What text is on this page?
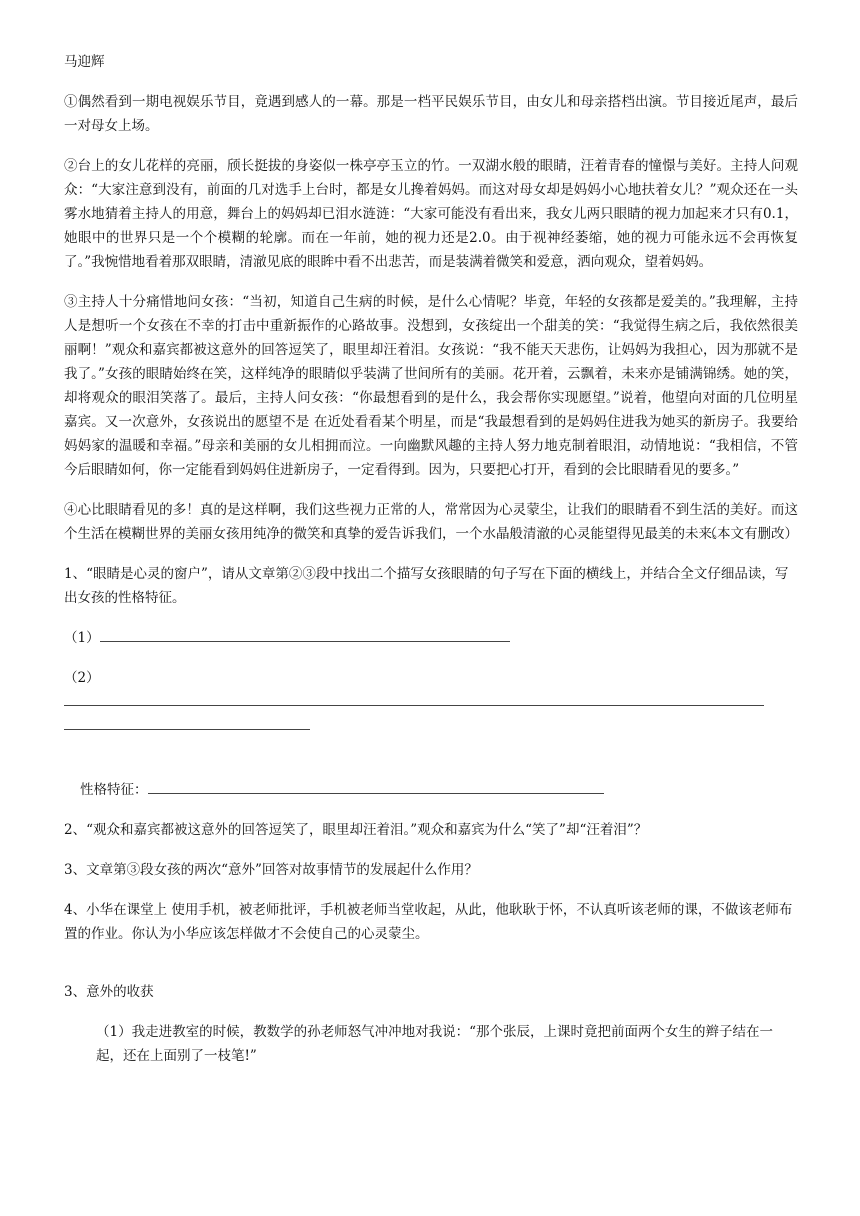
马迎辉

①偶然看到一期电视娱乐节目，竟遇到感人的一幕。那是一档平民娱乐节目，由女儿和母亲搭档出演。节目接近尾声，最后一对母女上场。

②台上的女儿花样的亮丽，颀长挺拔的身姿似一株亭亭玉立的竹。一双湖水般的眼睛，汪着青春的憧憬与美好。主持人问观众：“大家注意到没有，前面的几对选手上台时，都是女儿搀着妈妈。而这对母女却是妈妈小心地扶着女儿？”观众还在一头雾水地猜着主持人的用意，舞台上的妈妈却已泪水涟涟：“大家可能没有看出来，我女儿两只眼睛的视力加起来才只有0.1，她眼中的世界只是一个个模糊的轮廓。而在一年前，她的视力还是2.0。由于视神经萎缩，她的视力可能永远不会再恢复了。”我惋惜地看着那双眼睛，清澈见底的眼眸中看不出悲苦，而是装满着微笑和爱意，洒向观众，望着妈妈。

③主持人十分痛惜地问女孩：“当初，知道自己生病的时候，是什么心情呢？毕竟，年轻的女孩都是爱美的。”我理解，主持人是想听一个女孩在不幸的打击中重新振作的心路故事。没想到，女孩绽出一个甜美的笑：“我觉得生病之后，我依然很美丽啊！”观众和嘉宾都被这意外的回答逗笑了，眼里却汪着泪。女孩说：“我不能天天悲伤，让妈妈为我担心，因为那就不是我了。”女孩的眼睛始终在笑，这样纯净的眼睛似乎装满了世间所有的美丽。花开着，云飘着，未来亦是铺满锦绣。她的笑，却将观众的眼泪笑落了。最后，主持人问女孩：“你最想看到的是什么，我会帮你实现愿望。”说着，他望向对面的几位明星嘉宾。又一次意外，女孩说出的愿望不是 在近处看看某个明星，而是“我最想看到的是妈妈住进我为她买的新房子。我要给妈妈家的温暖和幸福。”母亲和美丽的女儿相拥而泣。一向幽默风趣的主持人努力地克制着眼泪，动情地说：“我相信，不管今后眼睛如何，你一定能看到妈妈住进新房子，一定看得到。因为，只要把心打开，看到的会比眼睛看见的要多。”

④心比眼睛看见的多！真的是这样啊，我们这些视力正常的人，常常因为心灵蒙尘，让我们的眼睛看不到生活的美好。而这 个生活在模糊世界的美丽女孩用纯净的微笑和真挚的爱告诉我们，一个水晶般清澈的心灵能望得见最美的未来。

（本文有删改）

1、“眼睛是心灵的窗户”，请从文章第②③段中找出二个描写女孩眼睛的句子写在下面的横线上，并结合全文仔细品读，写出女孩的性格特征。

（1）
（2）

性格特征：

2、“观众和嘉宾都被这意外的回答逗笑了，眼里却汪着泪。”观众和嘉宾为什么“笑了”却“汪着泪”？

3、文章第③段女孩的两次“意外”回答对故事情节的发展起什么作用？

4、小华在课堂上 使用手机，被老师批评，手机被老师当堂收起，从此，他耿耿于怀，不认真听该老师的课，不做该老师布置的作业。你认为小华应该怎样做才不会使自己的心灵蒙尘。

3、意外的收获

（1）我走进教室的时候，教数学的孙老师怒气冲冲地对我说：“那个张辰，上课时竟把前面两个女生的辫子结在一起，还在上面别了一枝笔!”
